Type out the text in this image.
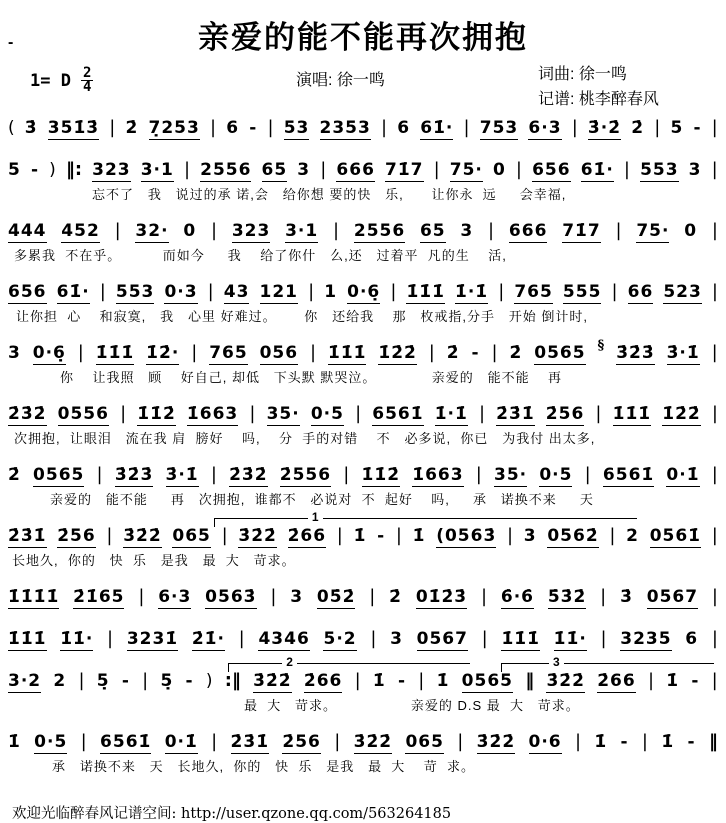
-	亲爱的能不能再次拥抱
1= D $\frac{2}{4}$	演唱: 徐一鸣	词曲: 徐一鸣
记谱: 桃李醉春风
( 3̇ 351̇3̇ | 2̇ 7̣253 | 6 - | 53 2353 | 6 61̇· | 753 6·3 | 3̇·2̇ 2̇ | 5 - |
5 - ) ‖: 323 3·1 | 2556 65 3 | 666 71̇7 | 75· 0 | 656 61̇· | 553 3 |
忘不了   我   说过的承 诺,会   给你想 要的快   乐,      让你永  远     会幸福,
444 452 | 32· 0 | 323 3·1 | 2556 65 3 | 666 71̇7 | 75· 0 |
多累我  不在乎。         而如今     我    给了你什   么,还   过着平  凡的生    活,
656 61̇· | 553 0·3 | 43 121 | 1 0·6̣ | 1̇1̇1̇ 1̇·1̇ | 765 555 | 66 523 |
让你担  心    和寂寞,   我   心里 好难过。      你   还给我    那   枚戒指,分手   开始 倒计时,
3 0·6̣ | 1̇1̇1̇ 1̇2̇· | 765 056 | 1̇1̇1̇ 1̇2̇2̇ | 2̇ - | 2̇ 0565 § 3̇2̇3̇ 3̇·1̇ |
你    让我照   顾    好自己, 却低   下头默 默哭泣。            亲爱的   能不能    再
2̇3̇2̇ 0556 | 1̇1̇2̇ 1̇663 | 35· 0·5 | 6561̇ 1̇·1̇ | 2̇3̇1̇ 2̇56 | 1̇1̇1̇ 1̇2̇2̇ |
次拥抱,  让眼泪   流在我 肩  膀好    吗,    分  手的对错    不   必多说,  你已   为我付 出太多,
2̇ 0565 | 3̇2̇3̇ 3̇·1̇ | 2̇3̇2̇ 2̇556 | 1̇1̇2̇ 1̇663 | 35· 0·5 | 6561̇ 0·1̇ |
亲爱的   能不能     再   次拥抱,  谁都不   必说对  不  起好    吗,     承   诺换不来     天
1
2̇3̇1̇ 2̇56 | 3̇2̇2̇ 065 | 3̇2̇2̇ 2̇66 | 1̇ - | 1̇ (0563̇ | 3 0562̇ | 2 0561̇ |
长地久,  你的   快  乐   是我   最  大   苛求。
1̇1̇1̇1̇ 2̇1̇65 | 6·3 0563̇ | 3 05̇2̇ | 2̇ 01̇2̇3̇ | 6̇·6̇ 5̇3̇2̇ | 3̇ 0567 |
1̇1̇1̇ 1̇1̇· | 3231̇ 2̇1̇· | 4346 5·2 | 3 0567 | 1̇1̇1̇ 1̇1̇· | 3235 6 |
2	3
3·2 2 | 5̣ - | 5̣ - ) :‖ 3̇2̇2̇ 2̇66 | 1̇ - | 1̇ 0565 ‖ 3̇2̇2̇ 2̇66 | 1̇ - |
最  大   苛求。                亲爱的 D.S 最  大   苛求。
1̇ 0·5 | 6561̇ 0·1̇ | 2̇3̇1̇ 2̇56 | 3̇2̇2̇ 065 | 3̇2̇2̇ 0·6 | 1̇ - | 1̇ - ‖
承   诺换不来   天   长地久,  你的   快  乐   是我   最  大    苛  求。
欢迎光临醉春风记谱空间: http://user.qzone.qq.com/563264185
